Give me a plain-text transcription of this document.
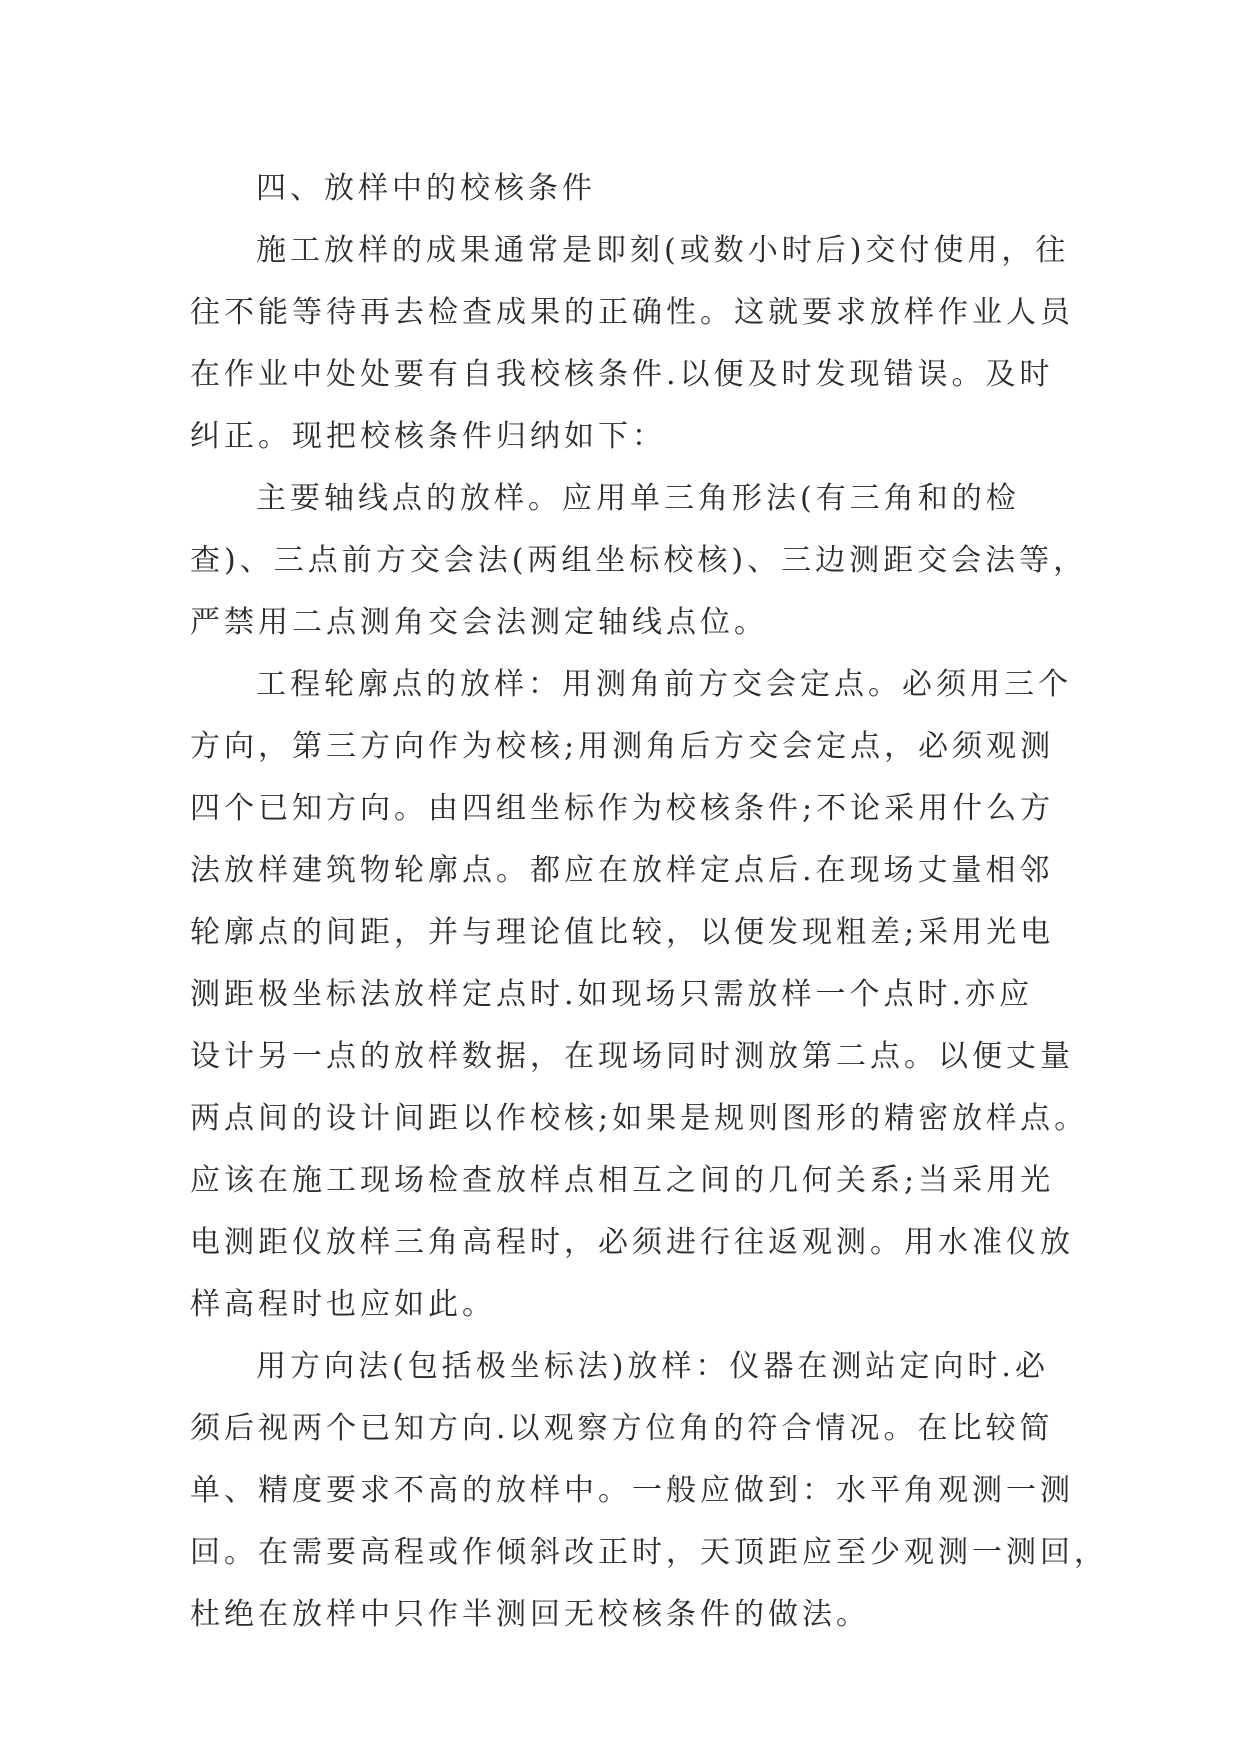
四、放样中的校核条件
施工放样的成果通常是即刻(或数小时后)交付使用，往
往不能等待再去检查成果的正确性。这就要求放样作业人员
在作业中处处要有自我校核条件.以便及时发现错误。及时
纠正。现把校核条件归纳如下：
主要轴线点的放样。应用单三角形法(有三角和的检
查)、三点前方交会法(两组坐标校核)、三边测距交会法等，
严禁用二点测角交会法测定轴线点位。
工程轮廓点的放样：用测角前方交会定点。必须用三个
方向，第三方向作为校核;用测角后方交会定点，必须观测
四个已知方向。由四组坐标作为校核条件;不论采用什么方
法放样建筑物轮廓点。都应在放样定点后.在现场丈量相邻
轮廓点的间距，并与理论值比较，以便发现粗差;采用光电
测距极坐标法放样定点时.如现场只需放样一个点时.亦应
设计另一点的放样数据，在现场同时测放第二点。以便丈量
两点间的设计间距以作校核;如果是规则图形的精密放样点。
应该在施工现场检查放样点相互之间的几何关系;当采用光
电测距仪放样三角高程时，必须进行往返观测。用水准仪放
样高程时也应如此。
用方向法(包括极坐标法)放样：仪器在测站定向时.必
须后视两个已知方向.以观察方位角的符合情况。在比较简
单、精度要求不高的放样中。一般应做到：水平角观测一测
回。在需要高程或作倾斜改正时，天顶距应至少观测一测回，
杜绝在放样中只作半测回无校核条件的做法。
